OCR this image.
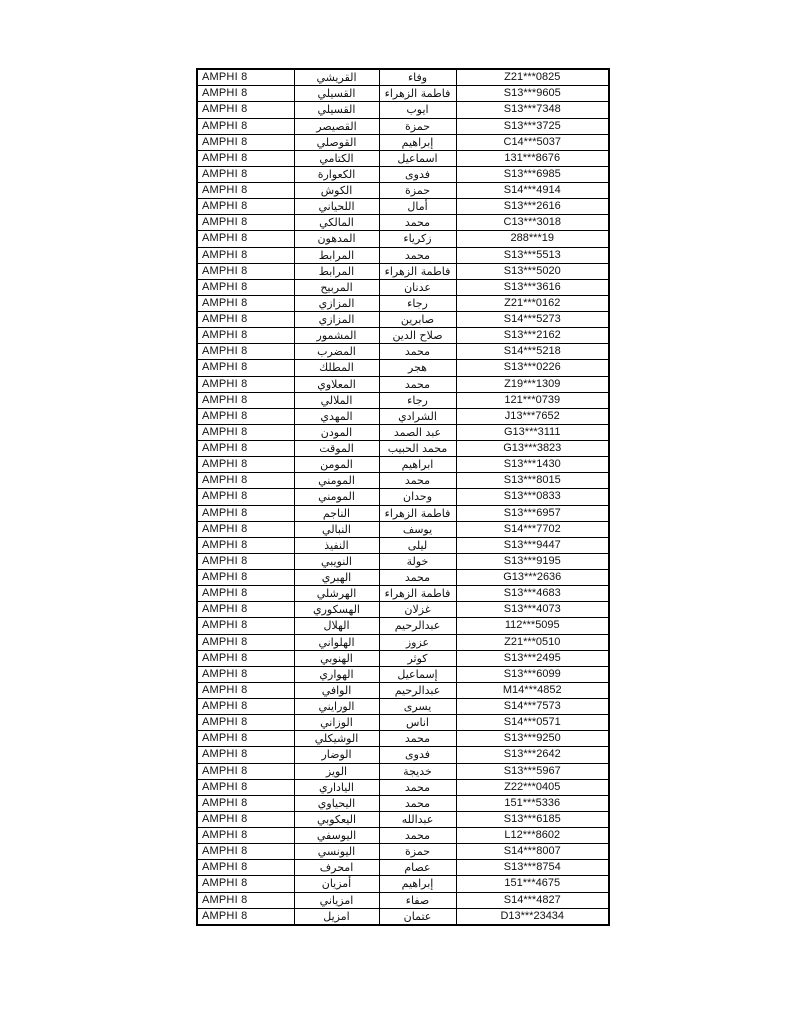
AMPHI 8	القريشي	وفاء	Z21***0825
AMPHI 8	القسيلي	فاطمة الزهراء	S13***9605
AMPHI 8	القسيلي	ايوب	S13***7348
AMPHI 8	القصيصر	حمزة	S13***3725
AMPHI 8	القوصلي	إبراهيم	C14***5037
AMPHI 8	الكتامي	اسماعيل	131***8676
AMPHI 8	الكعوارة	فدوى	S13***6985
AMPHI 8	الكوش	حمزة	S14***4914
AMPHI 8	اللحياني	أمال	S13***2616
AMPHI 8	المالكي	محمد	C13***3018
AMPHI 8	المدهون	زكرياء	288***19
AMPHI 8	المرابط	محمد	S13***5513
AMPHI 8	المرابط	فاطمة الزهراء	S13***5020
AMPHI 8	المربيح	عدنان	S13***3616
AMPHI 8	المزازي	رجاء	Z21***0162
AMPHI 8	المزازي	صابرين	S14***5273
AMPHI 8	المشمور	صلاح الدين	S13***2162
AMPHI 8	المضرب	محمد	S14***5218
AMPHI 8	المطلك	هجر	S13***0226
AMPHI 8	المعلاوي	محمد	Z19***1309
AMPHI 8	الملالي	رجاء	121***0739
AMPHI 8	المهدي	الشرادي	J13***7652
AMPHI 8	المودن	عبد الصمد	G13***3111
AMPHI 8	الموقت	محمد الحبيب	G13***3823
AMPHI 8	المومن	ابراهيم	S13***1430
AMPHI 8	المومني	محمد	S13***8015
AMPHI 8	المومني	وحدان	S13***0833
AMPHI 8	الناجم	فاطمة الزهراء	S13***6957
AMPHI 8	النبالي	يوسف	S14***7702
AMPHI 8	النفيذ	ليلى	S13***9447
AMPHI 8	النويبي	خولة	S13***9195
AMPHI 8	الهبري	محمد	G13***2636
AMPHI 8	الهرشلي	فاطمة الزهراء	S13***4683
AMPHI 8	الهسكوري	غزلان	S13***4073
AMPHI 8	الهلال	عبدالرحيم	112***5095
AMPHI 8	الهلواني	عزوز	Z21***0510
AMPHI 8	الهنوبي	كوثر	S13***2495
AMPHI 8	الهواري	إسماعيل	S13***6099
AMPHI 8	الوافي	عبدالرحيم	M14***4852
AMPHI 8	الورايني	يسرى	S14***7573
AMPHI 8	الوزاني	اناس	S14***0571
AMPHI 8	الوشيكلي	محمد	S13***9250
AMPHI 8	الوضار	فدوى	S13***2642
AMPHI 8	الويز	خديجة	S13***5967
AMPHI 8	الياداري	محمد	Z22***0405
AMPHI 8	اليحياوي	محمد	151***5336
AMPHI 8	اليعكوبي	عبدالله	S13***6185
AMPHI 8	اليوسفي	محمد	L12***8602
AMPHI 8	اليونسي	حمزة	S14***8007
AMPHI 8	امحرف	عصام	S13***8754
AMPHI 8	أمزيان	إبراهيم	151***4675
AMPHI 8	امزياني	صفاء	S14***4827
AMPHI 8	امزيل	عتمان	D13***23434
